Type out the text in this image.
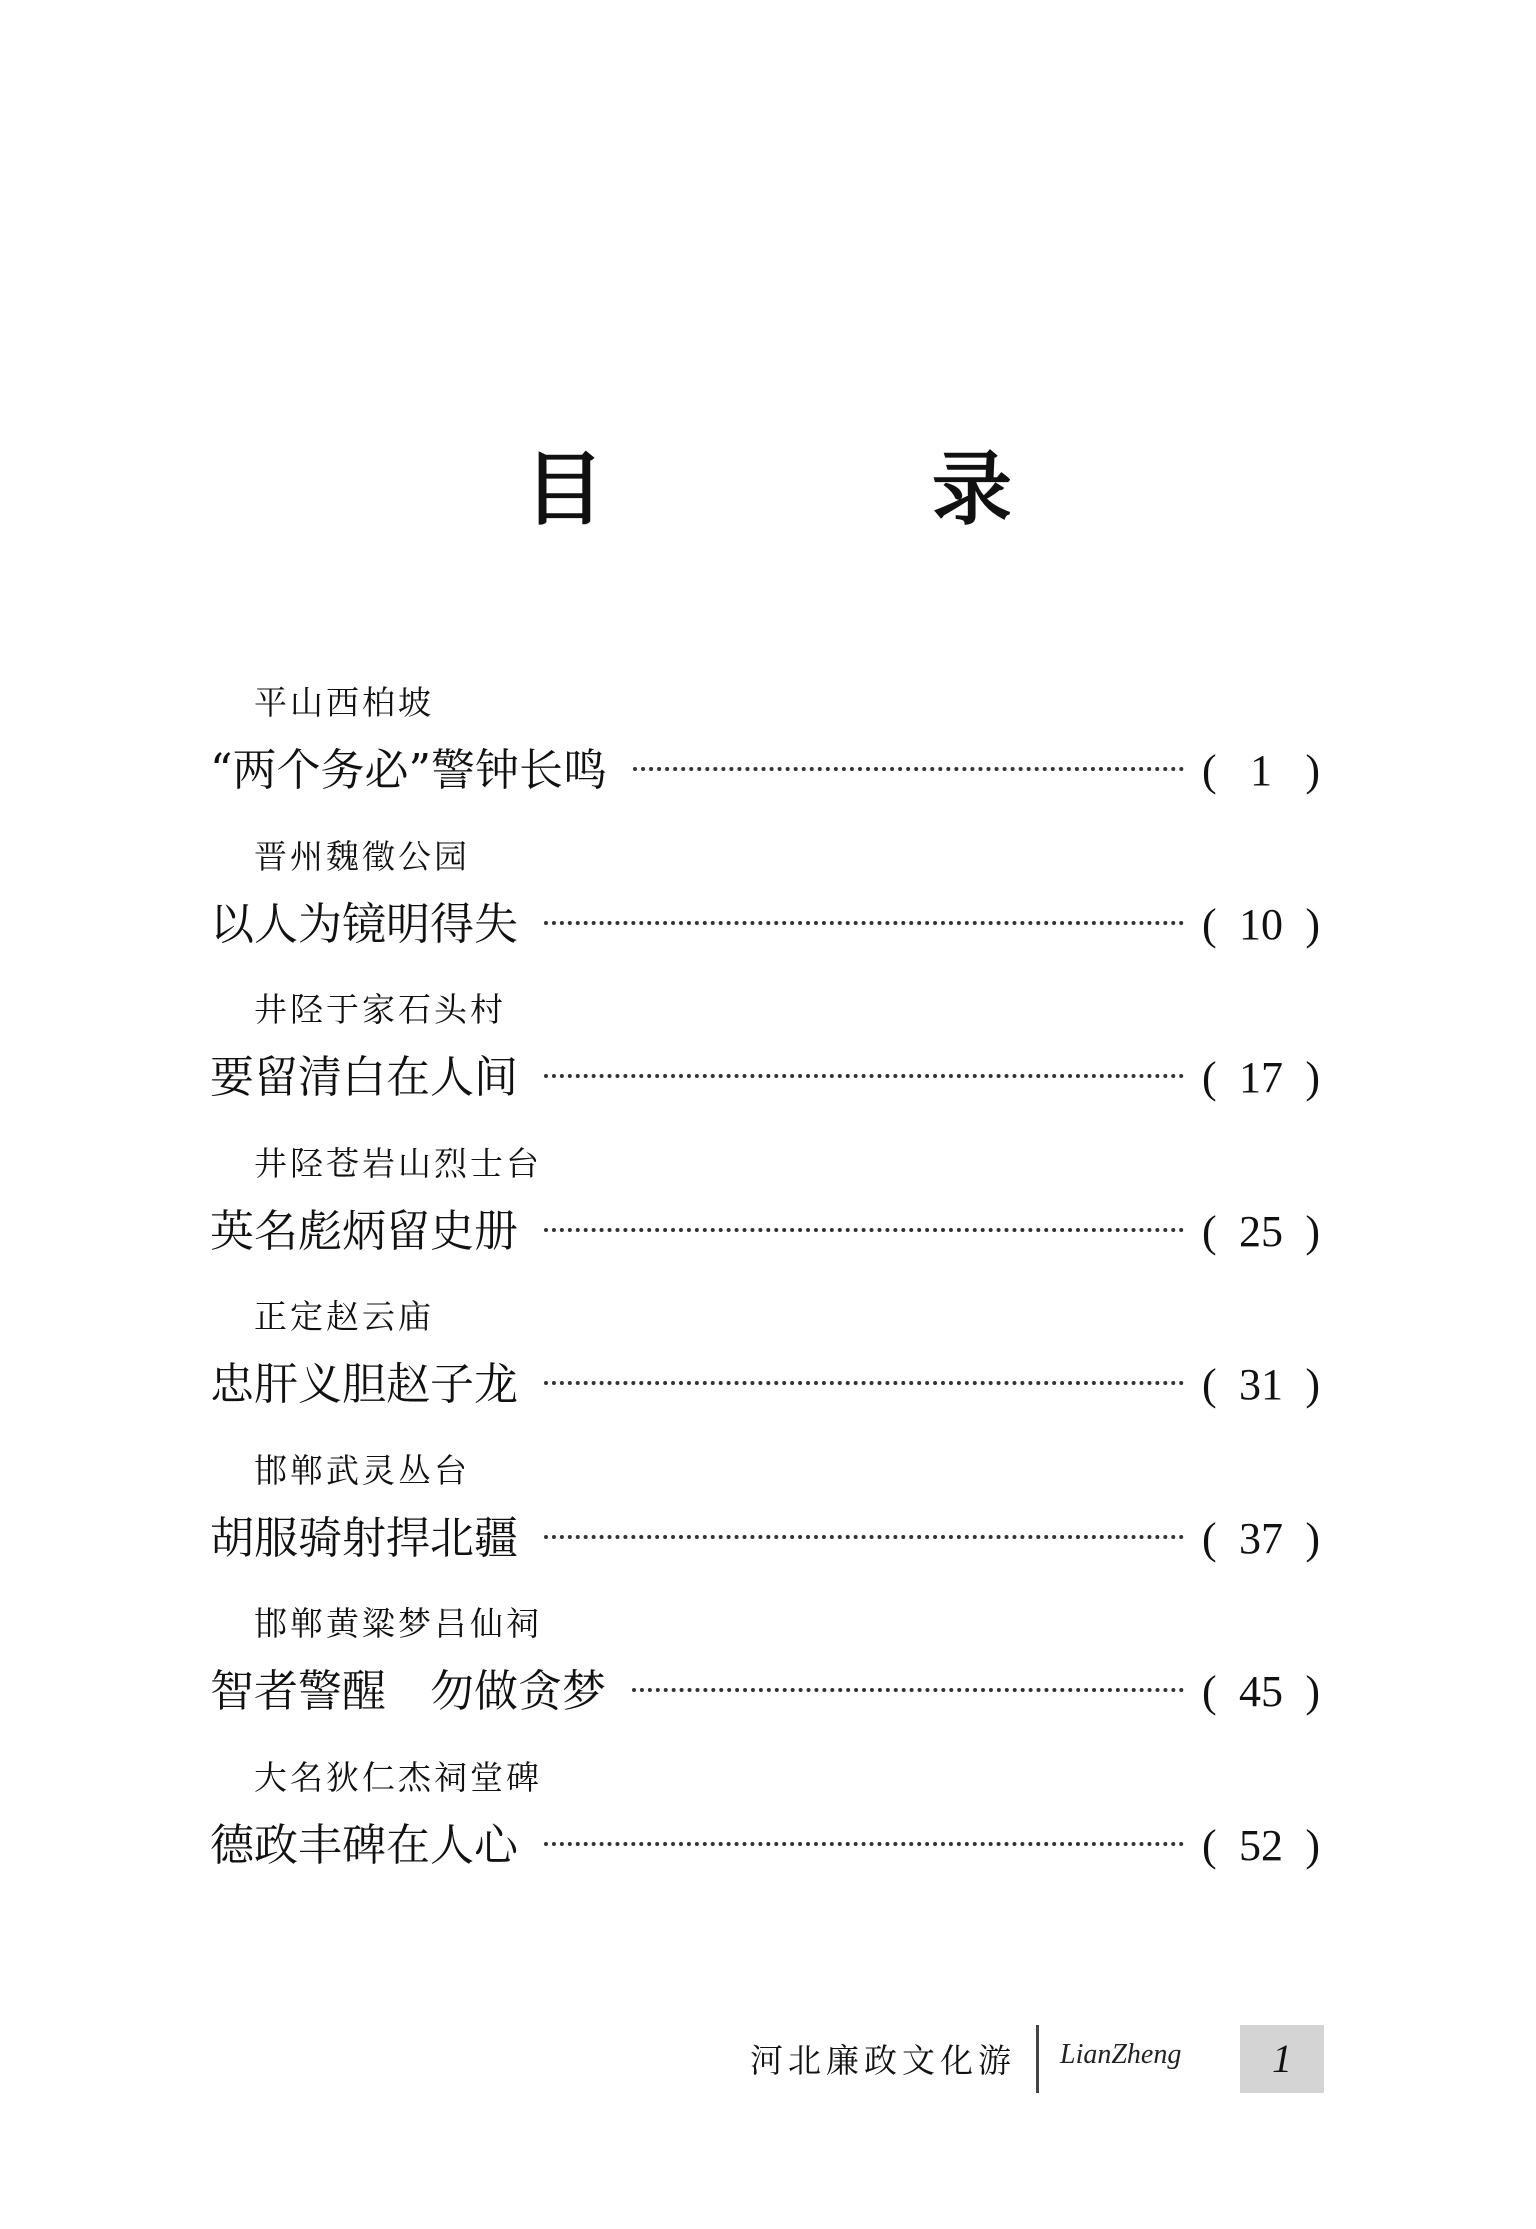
目 录
平山西柏坡
“两个务必”警钟长鸣	( 1 )
晋州魏徵公园
以人为镜明得失	( 10 )
井陉于家石头村
要留清白在人间	( 17 )
井陉苍岩山烈士台
英名彪炳留史册	( 25 )
正定赵云庙
忠肝义胆赵子龙	( 31 )
邯郸武灵丛台
胡服骑射捍北疆	( 37 )
邯郸黄粱梦吕仙祠
智者警醒　勿做贪梦	( 45 )
大名狄仁杰祠堂碑
德政丰碑在人心	( 52 )
河北廉政文化游 LianZheng	1
